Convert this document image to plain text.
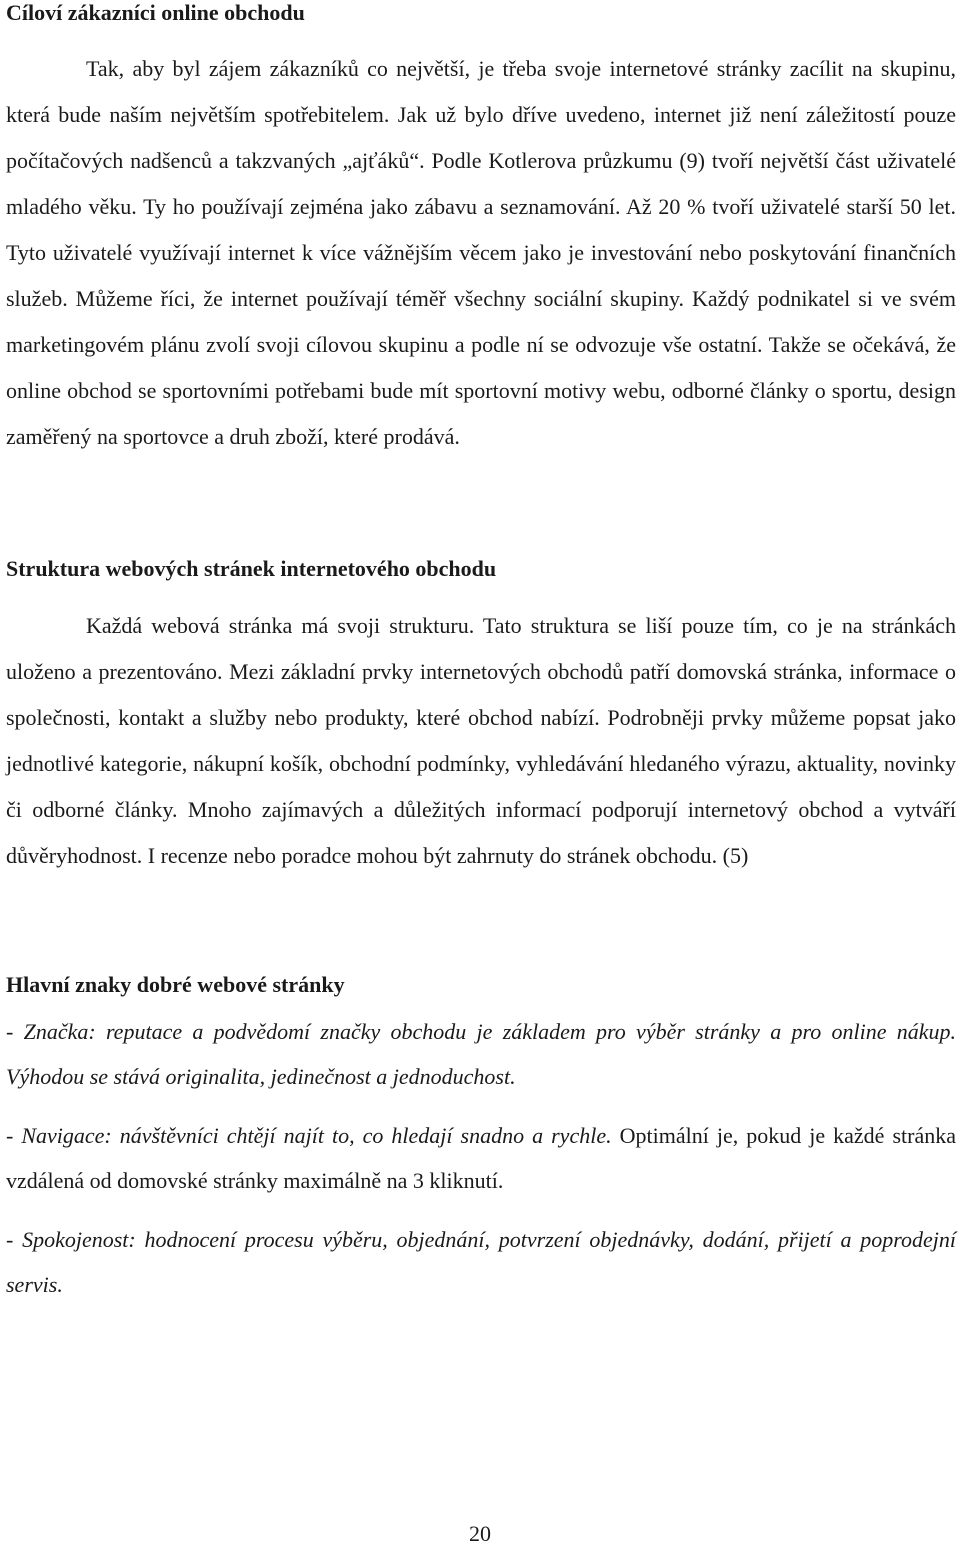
Cíloví zákazníci online obchodu

Tak, aby byl zájem zákazníků co největší, je třeba svoje internetové stránky zacílit na skupinu, která bude naším největším spotřebitelem. Jak už bylo dříve uvedeno, internet již není záležitostí pouze počítačových nadšenců a takzvaných „ajťáků“. Podle Kotlerova průzkumu (9) tvoří největší část uživatelé mladého věku. Ty ho používají zejména jako zábavu a seznamování. Až 20 % tvoří uživatelé starší 50 let. Tyto uživatelé využívají internet k více vážnějším věcem jako je investování nebo poskytování finančních služeb. Můžeme říci, že internet používají téměř všechny sociální skupiny. Každý podnikatel si ve svém marketingovém plánu zvolí svoji cílovou skupinu a podle ní se odvozuje vše ostatní. Takže se očekává, že online obchod se sportovními potřebami bude mít sportovní motivy webu, odborné články o sportu, design zaměřený na sportovce a druh zboží, které prodává.

Struktura webových stránek internetového obchodu

Každá webová stránka má svoji strukturu. Tato struktura se liší pouze tím, co je na stránkách uloženo a prezentováno. Mezi základní prvky internetových obchodů patří domovská stránka, informace o společnosti, kontakt a služby nebo produkty, které obchod nabízí. Podrobněji prvky můžeme popsat jako jednotlivé kategorie, nákupní košík, obchodní podmínky, vyhledávání hledaného výrazu, aktuality, novinky či odborné články. Mnoho zajímavých a důležitých informací podporují internetový obchod a vytváří důvěryhodnost. I recenze nebo poradce mohou být zahrnuty do stránek obchodu. (5)

Hlavní znaky dobré webové stránky

- Značka: reputace a podvědomí značky obchodu je základem pro výběr stránky a pro online nákup. Výhodou se stává originalita, jedinečnost a jednoduchost.

- Navigace: návštěvníci chtějí najít to, co hledají snadno a rychle. Optimální je, pokud je každé stránka vzdálená od domovské stránky maximálně na 3 kliknutí.

- Spokojenost: hodnocení procesu výběru, objednání, potvrzení objednávky, dodání, přijetí a poprodejní servis.

20
